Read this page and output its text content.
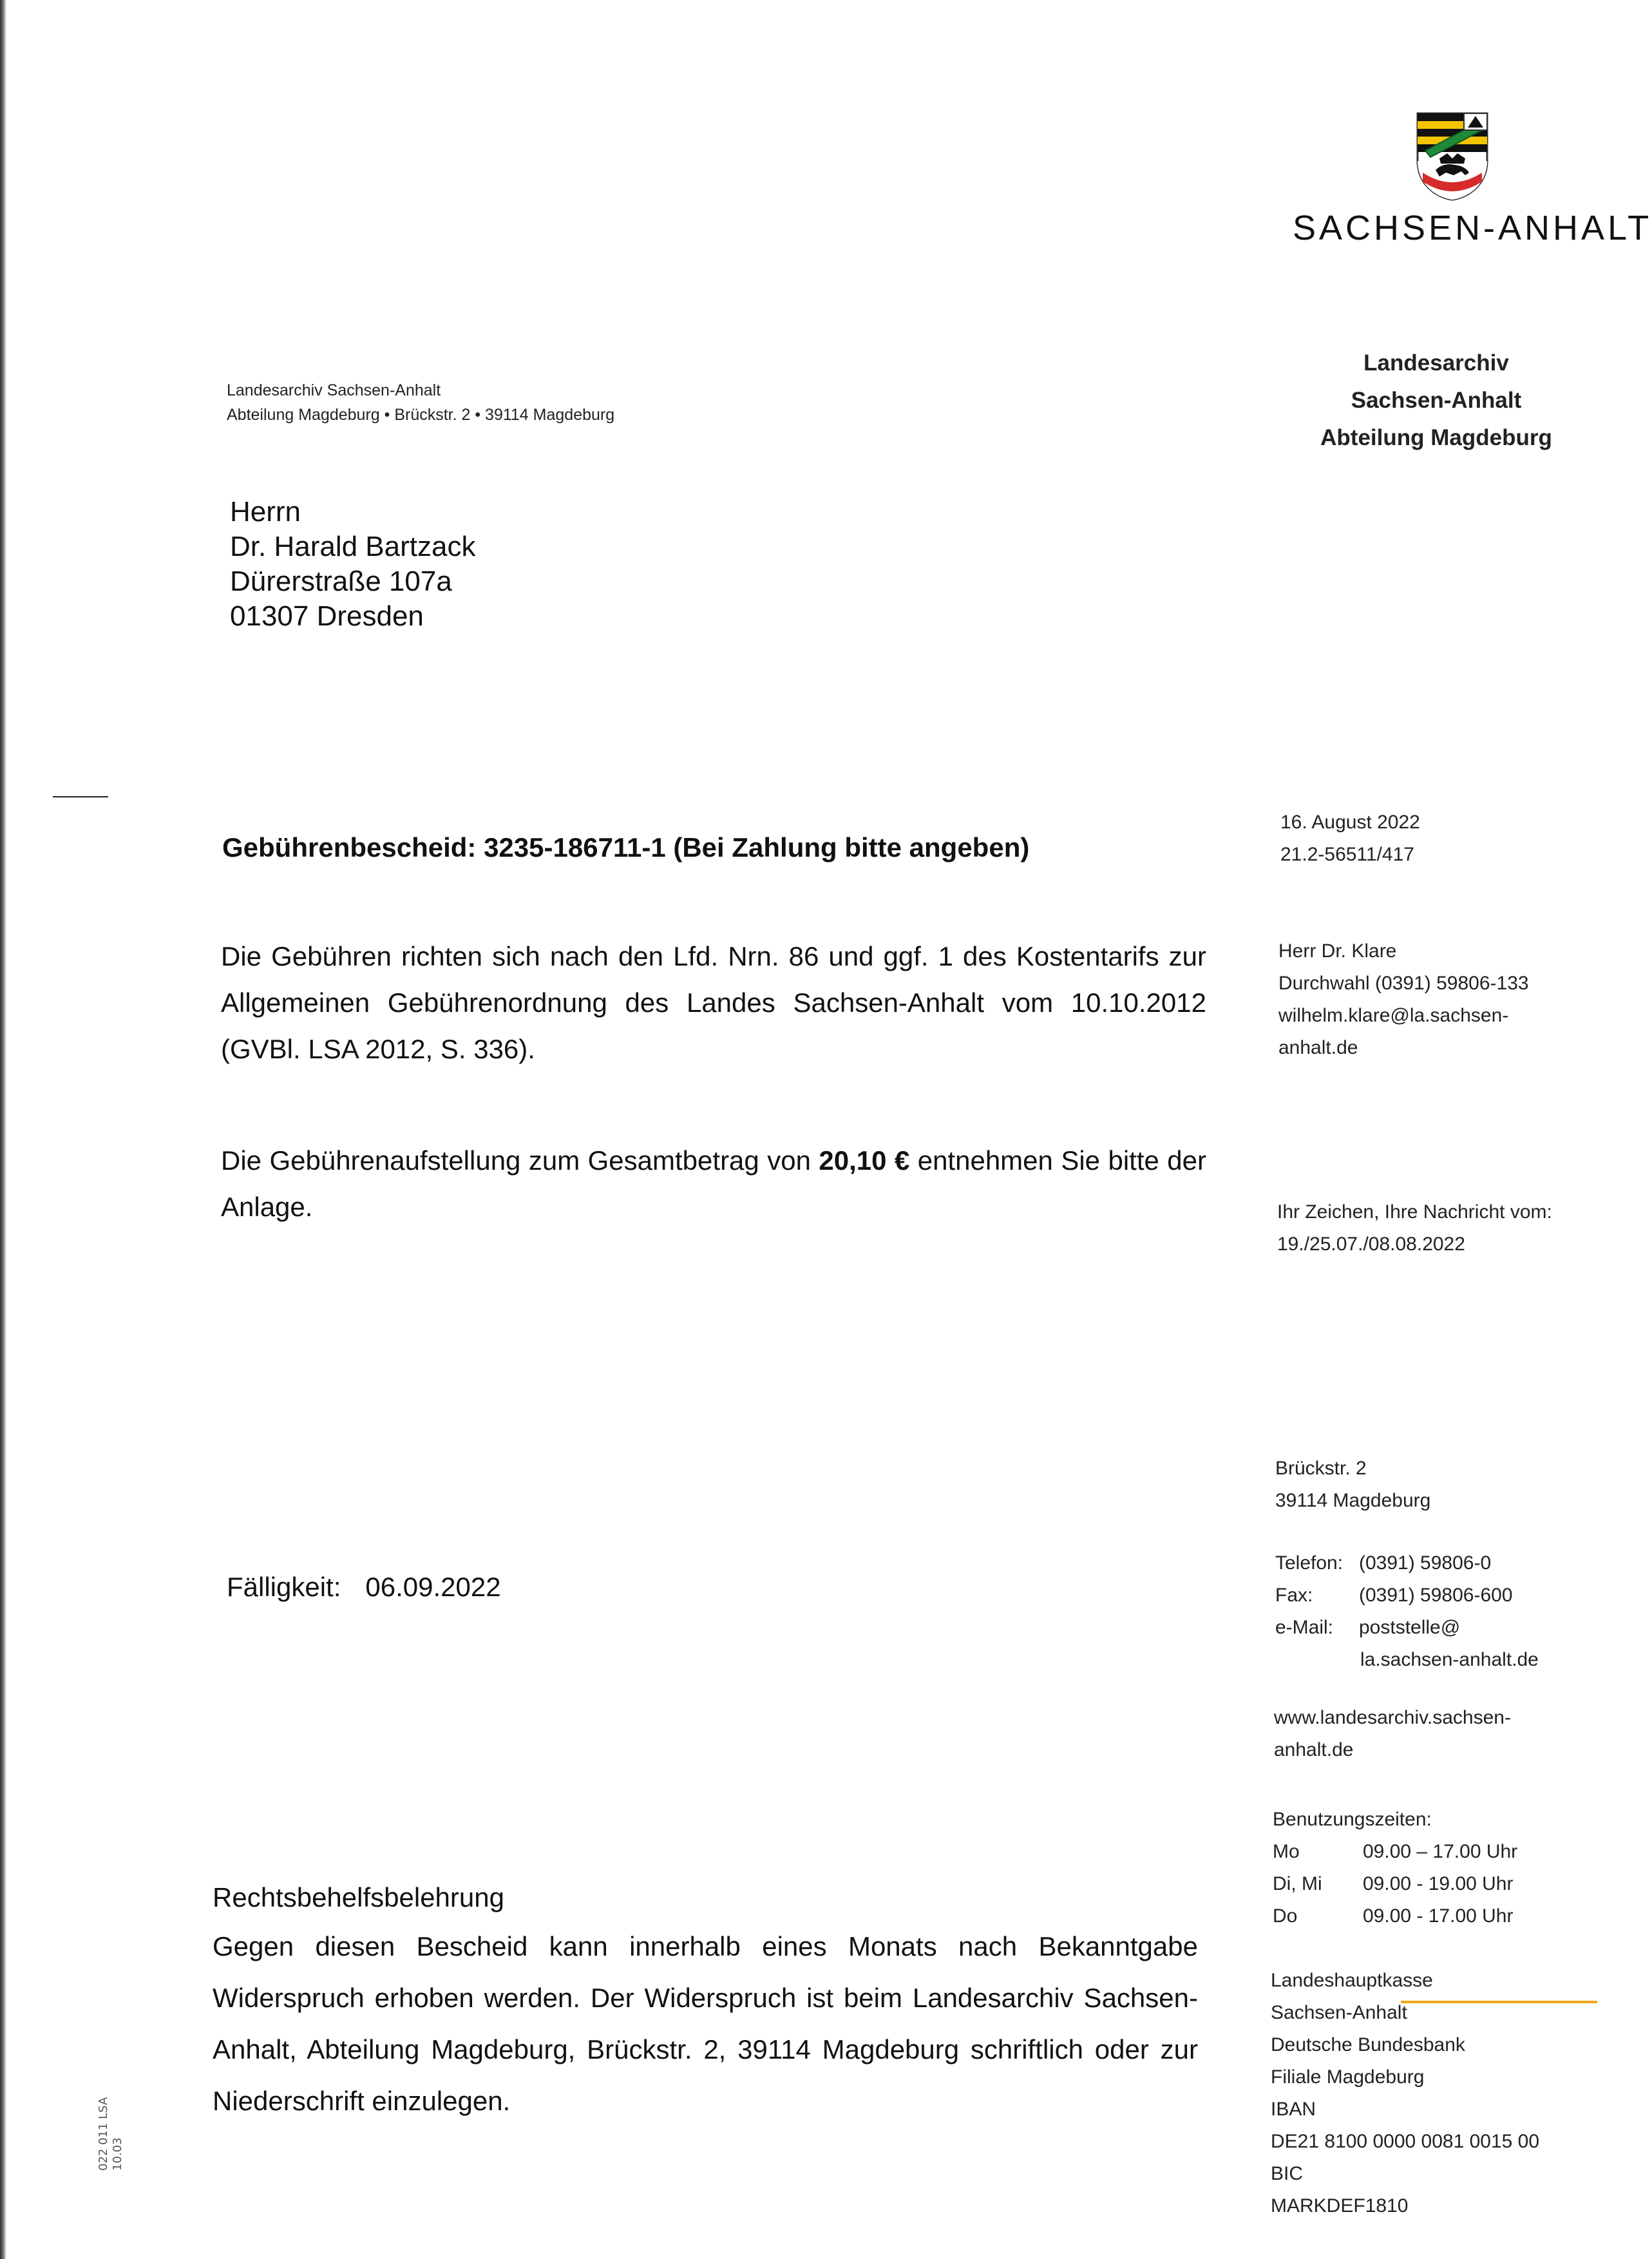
SACHSEN-ANHALT
Landesarchiv Sachsen-Anhalt
Abteilung Magdeburg • Brückstr. 2 • 39114 Magdeburg
Landesarchiv
Sachsen-Anhalt
Abteilung Magdeburg
Herrn
Dr. Harald Bartzack
Dürerstraße 107a
01307 Dresden
Gebührenbescheid: 3235-186711-1 (Bei Zahlung bitte angeben)
Die Gebühren richten sich nach den Lfd. Nrn. 86 und ggf. 1 des Kostentarifs zur Allgemeinen Gebührenordnung des Landes Sachsen-Anhalt vom 10.10.2012 (GVBl. LSA 2012, S. 336).
Die Gebührenaufstellung zum Gesamtbetrag von 20,10 € entnehmen Sie bitte der Anlage.
Fälligkeit: 06.09.2022
Rechtsbehelfsbelehrung
Gegen diesen Bescheid kann innerhalb eines Monats nach Bekanntgabe Widerspruch erhoben werden. Der Widerspruch ist beim Landesarchiv Sachsen-Anhalt, Abteilung Magdeburg, Brückstr. 2, 39114 Magdeburg schriftlich oder zur Niederschrift einzulegen.
16. August 2022
21.2-56511/417
Herr Dr. Klare
Durchwahl (0391) 59806-133
wilhelm.klare@la.sachsen-
anhalt.de
Ihr Zeichen, Ihre Nachricht vom:
19./25.07./08.08.2022
Brückstr. 2
39114 Magdeburg
Telefon: (0391) 59806-0
Fax: (0391) 59806-600
e-Mail: poststelle@
la.sachsen-anhalt.de
www.landesarchiv.sachsen-
anhalt.de
Benutzungszeiten:
Mo	09.00 – 17.00 Uhr
Di, Mi 09.00 - 19.00 Uhr
Do	09.00 - 17.00 Uhr
Landeshauptkasse
Sachsen-Anhalt
Deutsche Bundesbank
Filiale Magdeburg
IBAN
DE21 8100 0000 0081 0015 00
BIC
MARKDEF1810
022 011 LSA 10.03
